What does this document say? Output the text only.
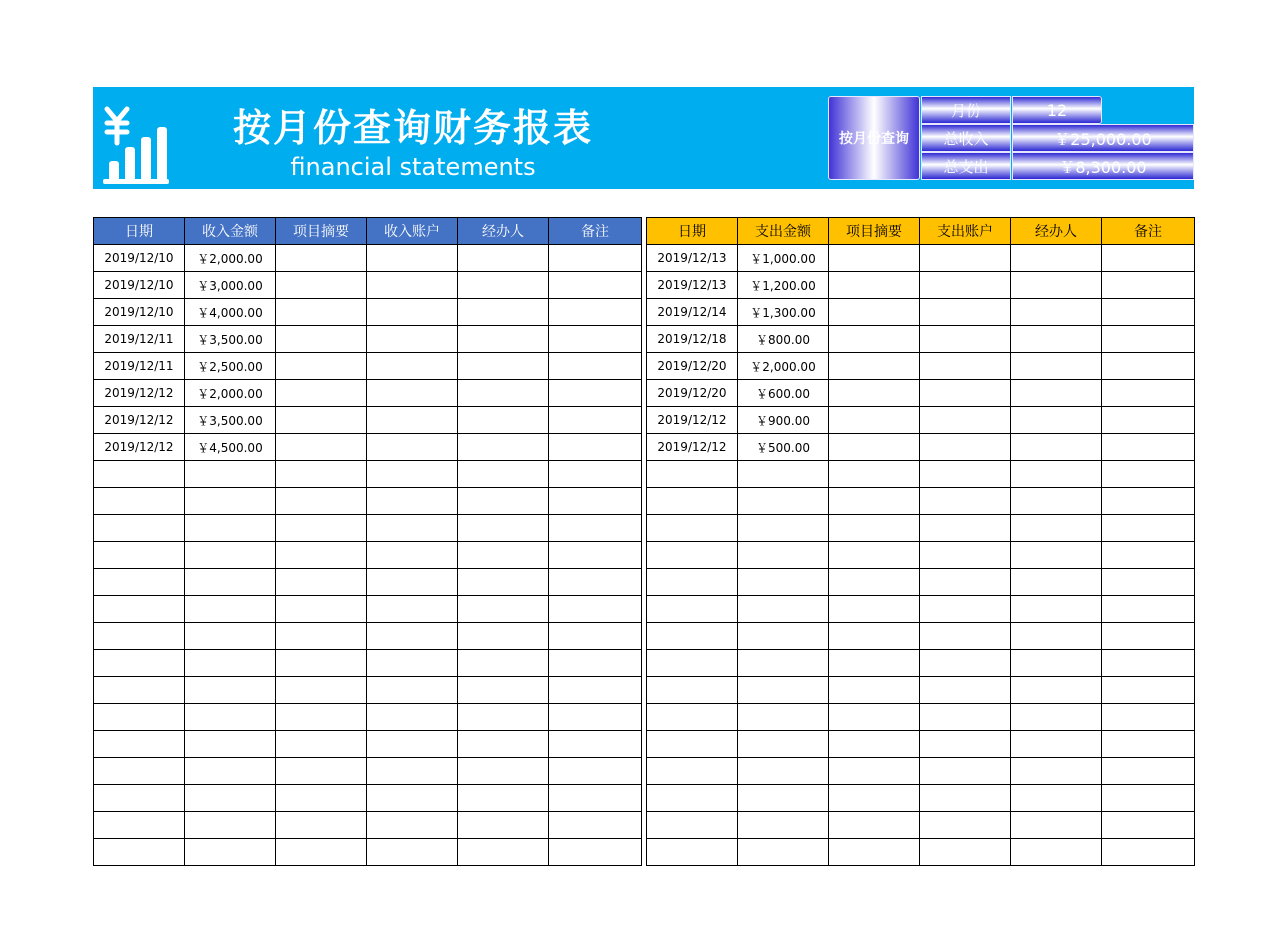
按月份查询财务报表
financial statements
按月份查询
月份	12
总收入	￥25,000.00
总支出	￥8,300.00
日期	收入金额	项目摘要	收入账户	经办人	备注
2019/12/10	￥2,000.00				
2019/12/10	￥3,000.00				
2019/12/10	￥4,000.00				
2019/12/11	￥3,500.00				
2019/12/11	￥2,500.00				
2019/12/12	￥2,000.00				
2019/12/12	￥3,500.00				
2019/12/12	￥4,500.00				

日期	支出金额	项目摘要	支出账户	经办人	备注
2019/12/13	￥1,000.00				
2019/12/13	￥1,200.00				
2019/12/14	￥1,300.00				
2019/12/18	￥800.00				
2019/12/20	￥2,000.00				
2019/12/20	￥600.00				
2019/12/12	￥900.00				
2019/12/12	￥500.00				
